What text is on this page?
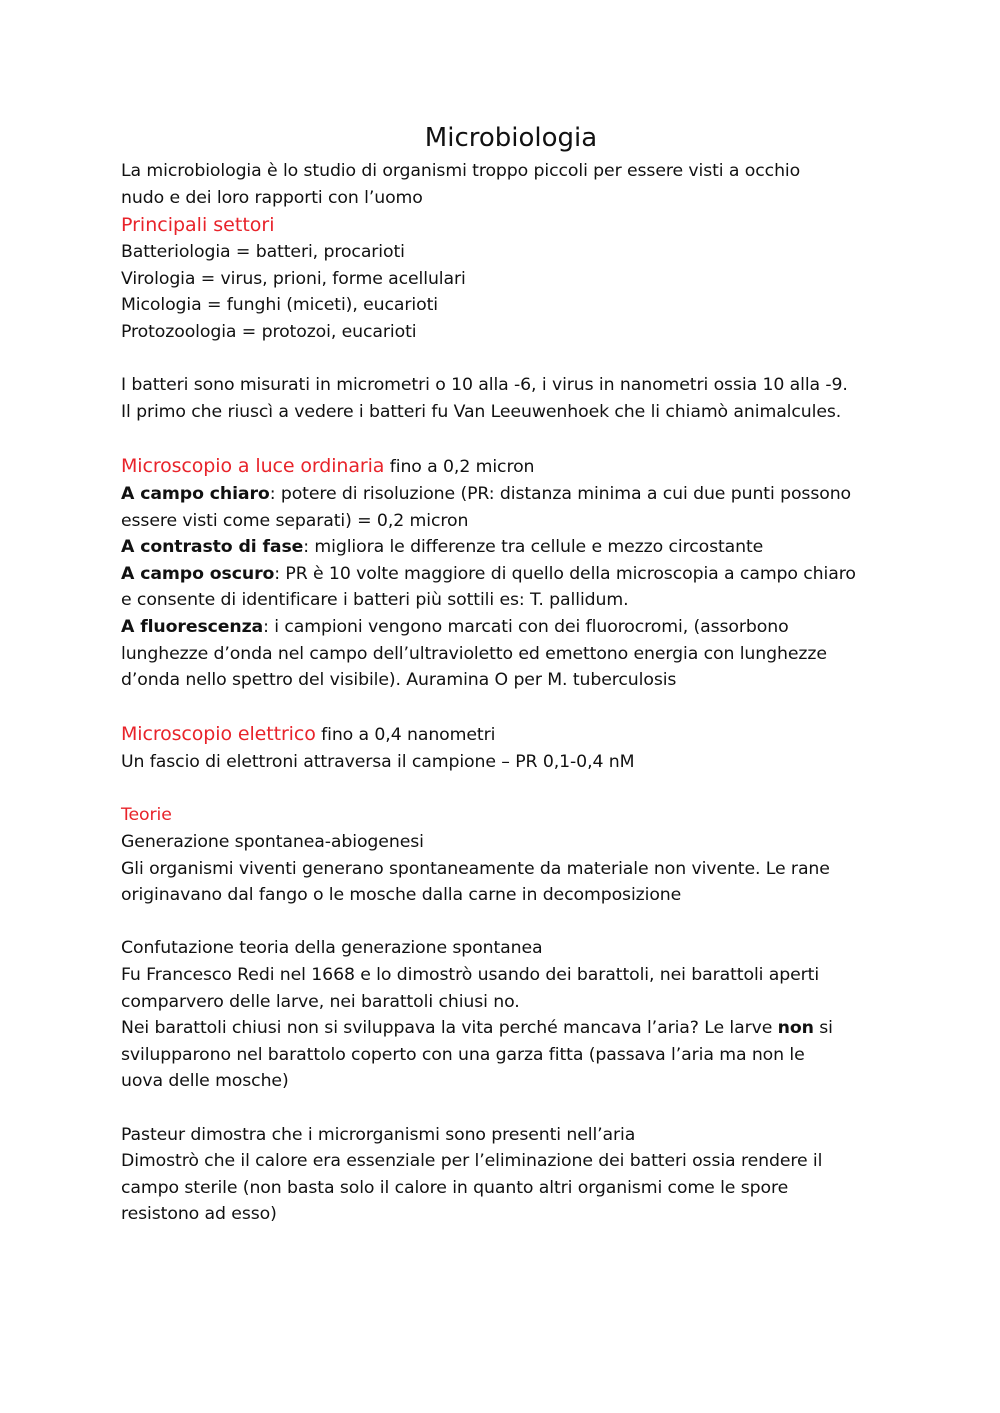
Microbiologia

La microbiologia è lo studio di organismi troppo piccoli per essere visti a occhio

nudo e dei loro rapporti con l’uomo

Principali settori

Batteriologia = batteri, procarioti

Virologia = virus, prioni, forme acellulari

Micologia = funghi (miceti), eucarioti

Protozoologia = protozoi, eucarioti

I batteri sono misurati in micrometri o 10 alla -6, i virus in nanometri ossia 10 alla -9.

Il primo che riuscì a vedere i batteri fu Van Leeuwenhoek che li chiamò animalcules.

Microscopio a luce ordinaria fino a 0,2 micron

A campo chiaro: potere di risoluzione (PR: distanza minima a cui due punti possono

essere visti come separati) = 0,2 micron

A contrasto di fase: migliora le differenze tra cellule e mezzo circostante

A campo oscuro: PR è 10 volte maggiore di quello della microscopia a campo chiaro

e consente di identificare i batteri più sottili es: T. pallidum.

A fluorescenza: i campioni vengono marcati con dei fluorocromi, (assorbono

lunghezze d’onda nel campo dell’ultravioletto ed emettono energia con lunghezze

d’onda nello spettro del visibile). Auramina O per M. tuberculosis

Microscopio elettrico fino a 0,4 nanometri

Un fascio di elettroni attraversa il campione – PR 0,1-0,4 nM

Teorie

Generazione spontanea-abiogenesi

Gli organismi viventi generano spontaneamente da materiale non vivente. Le rane

originavano dal fango o le mosche dalla carne in decomposizione

Confutazione teoria della generazione spontanea

Fu Francesco Redi nel 1668 e lo dimostrò usando dei barattoli, nei barattoli aperti

comparvero delle larve, nei barattoli chiusi no.

Nei barattoli chiusi non si sviluppava la vita perché mancava l’aria? Le larve non si

svilupparono nel barattolo coperto con una garza fitta (passava l’aria ma non le

uova delle mosche)

Pasteur dimostra che i microrganismi sono presenti nell’aria

Dimostrò che il calore era essenziale per l’eliminazione dei batteri ossia rendere il

campo sterile (non basta solo il calore in quanto altri organismi come le spore

resistono ad esso)
